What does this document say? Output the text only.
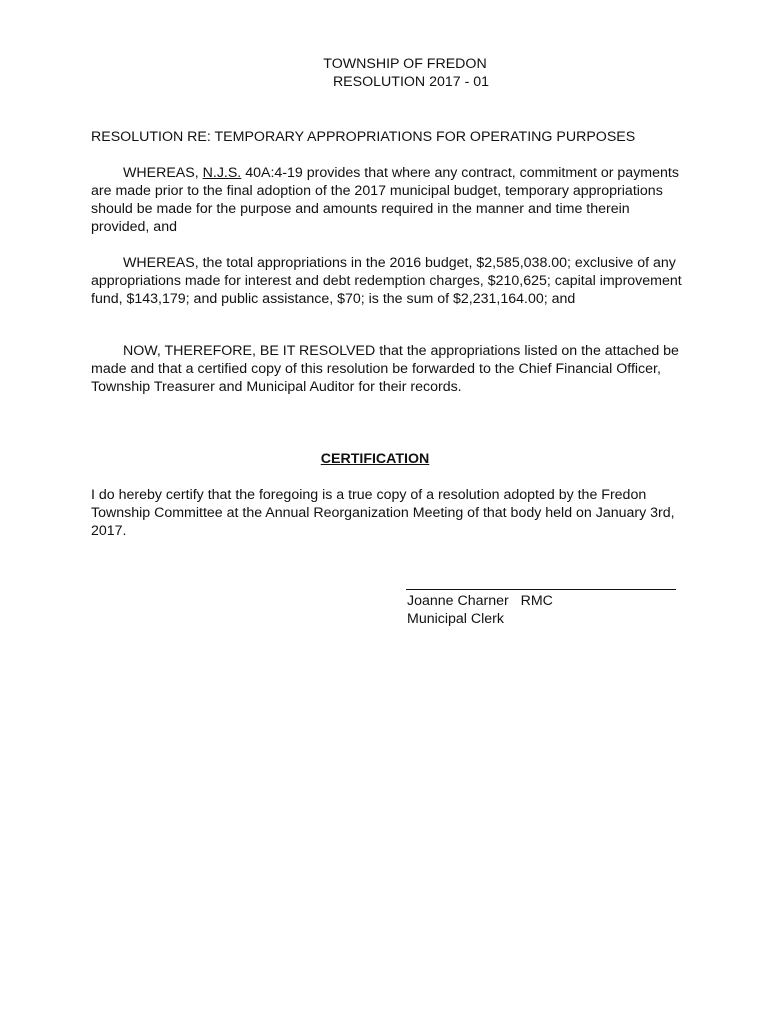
TOWNSHIP OF FREDON
RESOLUTION 2017 - 01
RESOLUTION RE: TEMPORARY APPROPRIATIONS FOR OPERATING PURPOSES
WHEREAS, N.J.S. 40A:4-19 provides that where any contract, commitment or payments are made prior to the final adoption of the 2017 municipal budget, temporary appropriations should be made for the purpose and amounts required in the manner and time therein provided, and
WHEREAS, the total appropriations in the 2016 budget, $2,585,038.00; exclusive of any appropriations made for interest and debt redemption charges, $210,625; capital improvement fund, $143,179; and public assistance, $70; is the sum of $2,231,164.00; and
NOW, THEREFORE, BE IT RESOLVED that the appropriations listed on the attached be made and that a certified copy of this resolution be forwarded to the Chief Financial Officer, Township Treasurer and Municipal Auditor for their records.
CERTIFICATION
I do hereby certify that the foregoing is a true copy of a resolution adopted by the Fredon Township Committee at the Annual Reorganization Meeting of that body held on January 3rd, 2017.
Joanne Charner   RMC
Municipal Clerk
